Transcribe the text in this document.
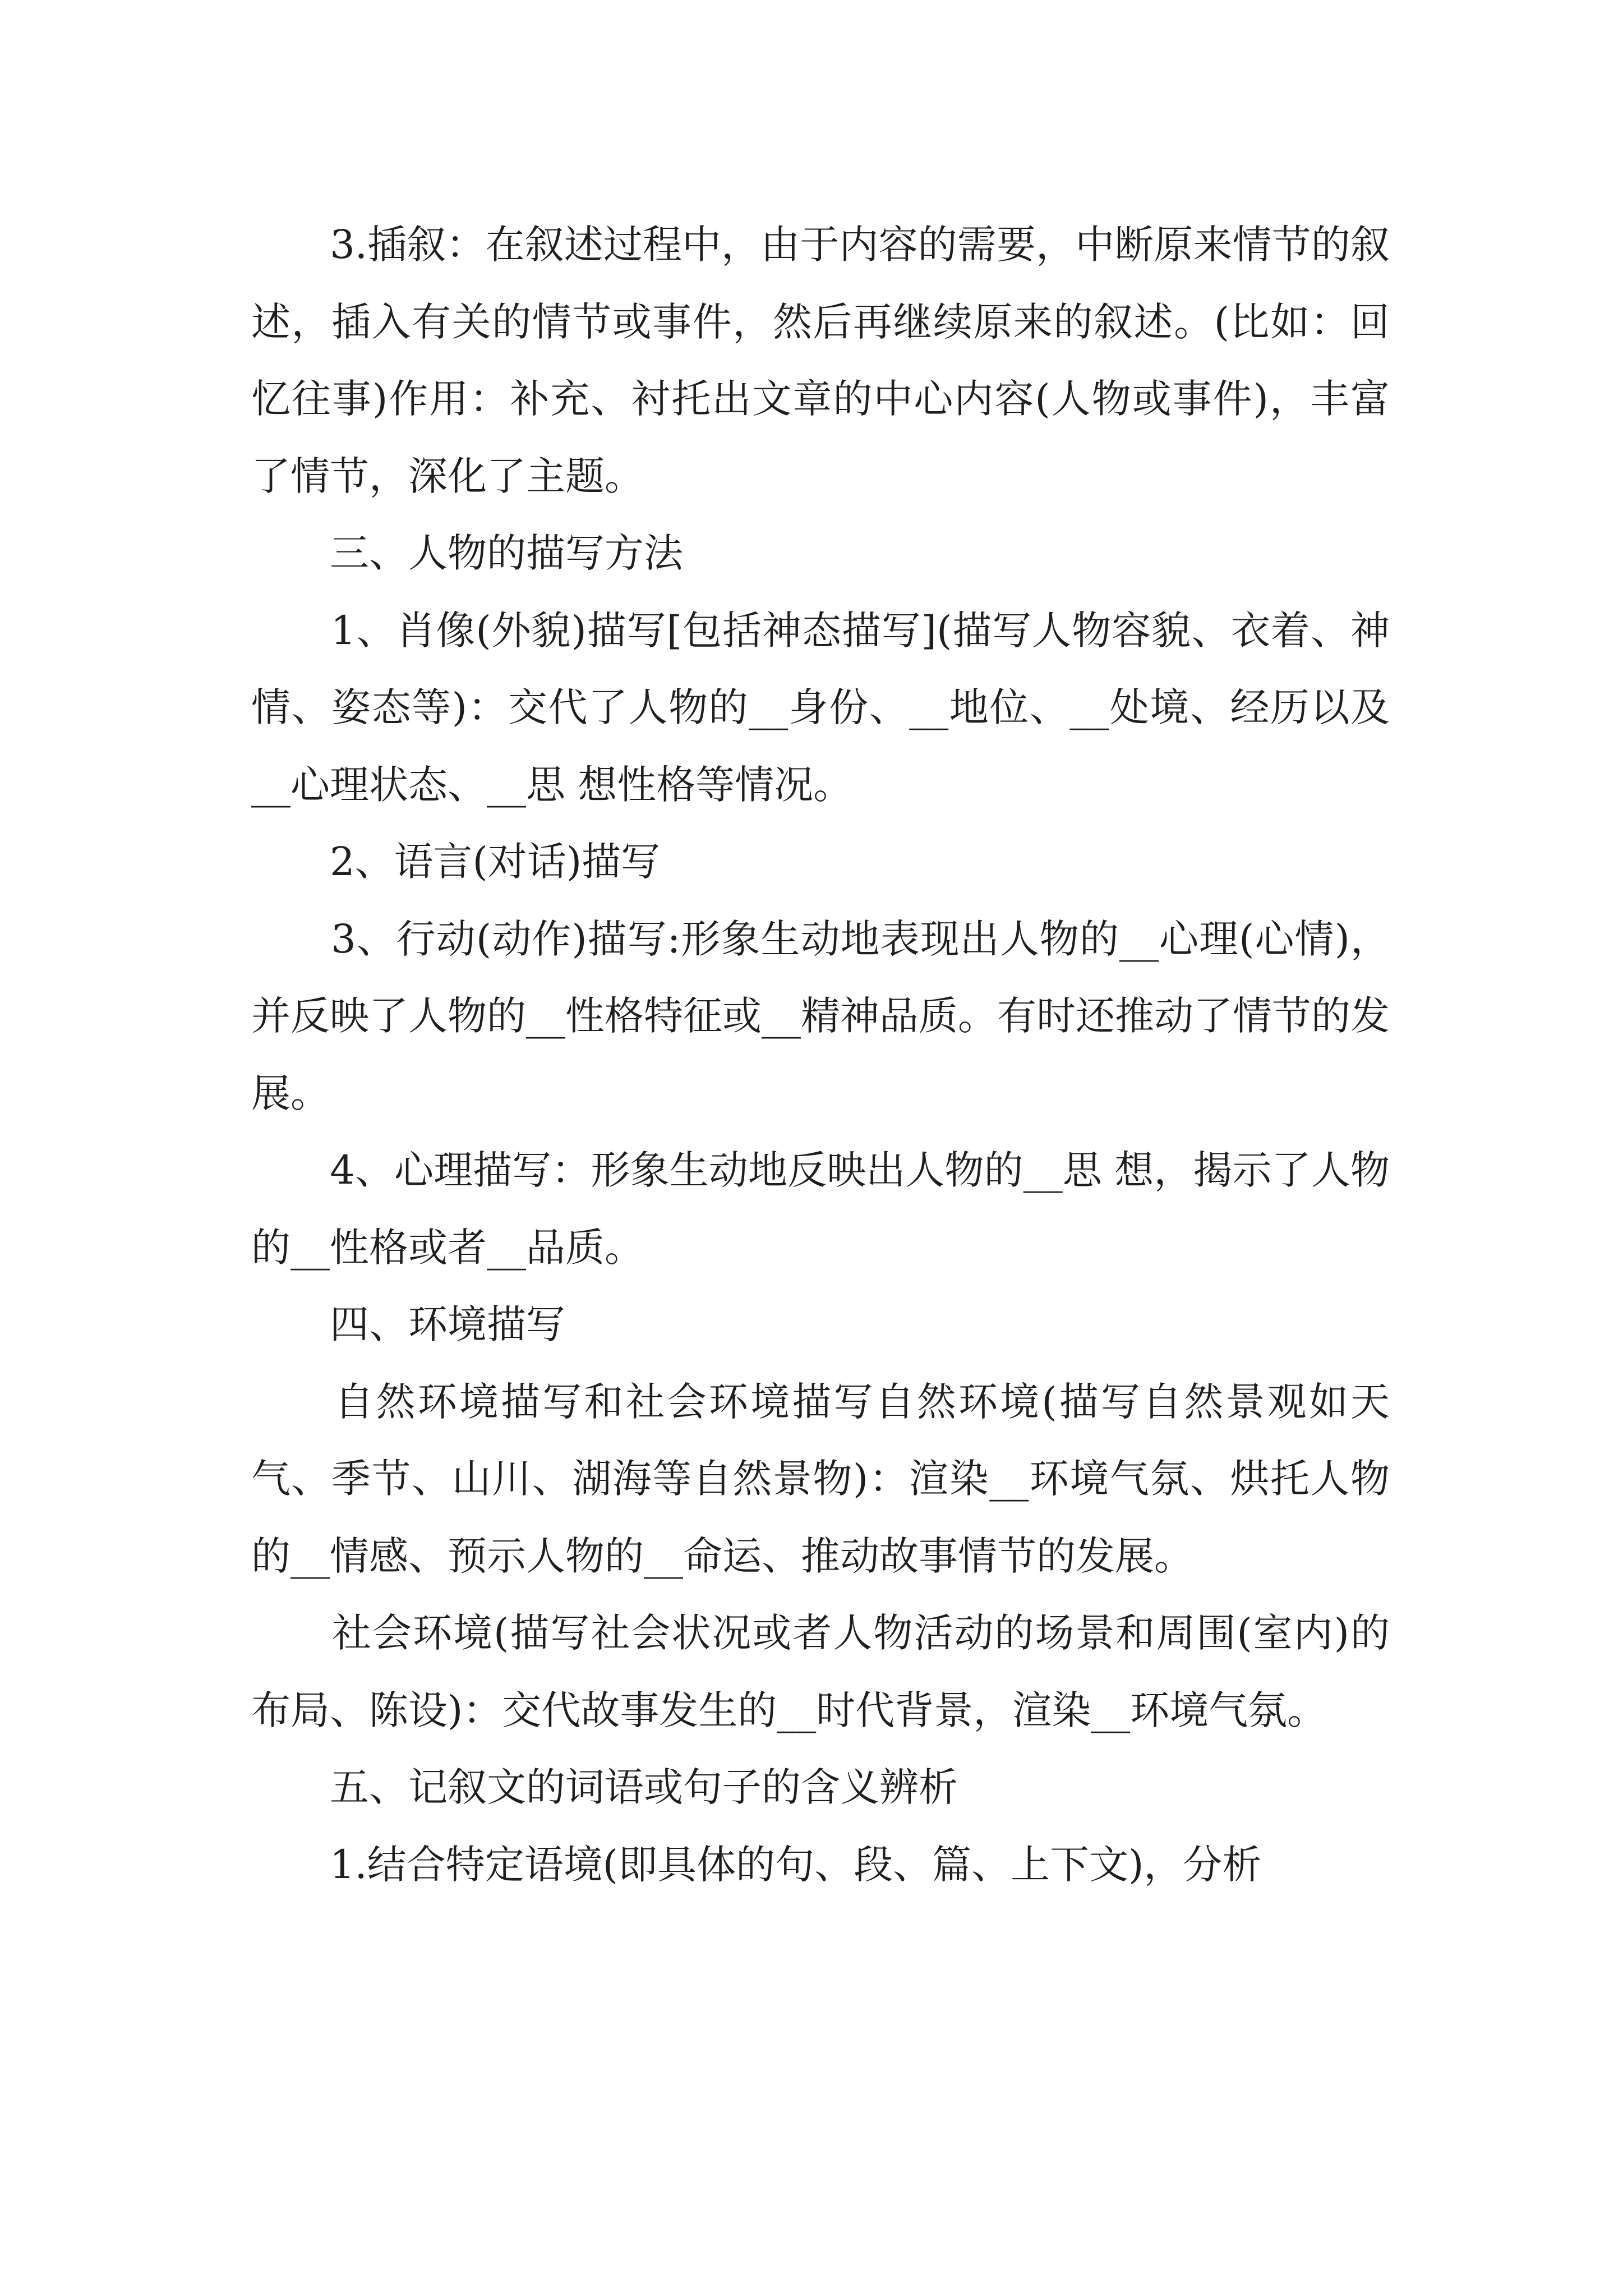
　　3.插叙：在叙述过程中，由于内容的需要，中断原来情节的叙述，插入有关的情节或事件，然后再继续原来的叙述。(比如：回忆往事)作用：补充、衬托出文章的中心内容(人物或事件)，丰富了情节，深化了主题。

　　三、人物的描写方法

　　1、肖像(外貌)描写[包括神态描写](描写人物容貌、衣着、神情、姿态等)：交代了人物的__身份、__地位、__处境、经历以及__心理状态、__思 想性格等情况。

　　2、语言(对话)描写

　　3、行动(动作)描写:形象生动地表现出人物的__心理(心情)，并反映了人物的__性格特征或__精神品质。有时还推动了情节的发展。

　　4、心理描写：形象生动地反映出人物的__思 想，揭示了人物的__性格或者__品质。

　　四、环境描写

　　自然环境描写和社会环境描写自然环境(描写自然景观如天气、季节、山川、湖海等自然景物)：渲染__环境气氛、烘托人物的__情感、预示人物的__命运、推动故事情节的发展。

　　社会环境(描写社会状况或者人物活动的场景和周围(室内)的布局、陈设)：交代故事发生的__时代背景，渲染__环境气氛。

　　五、记叙文的词语或句子的含义辨析

　　1.结合特定语境(即具体的句、段、篇、上下文)，分析
